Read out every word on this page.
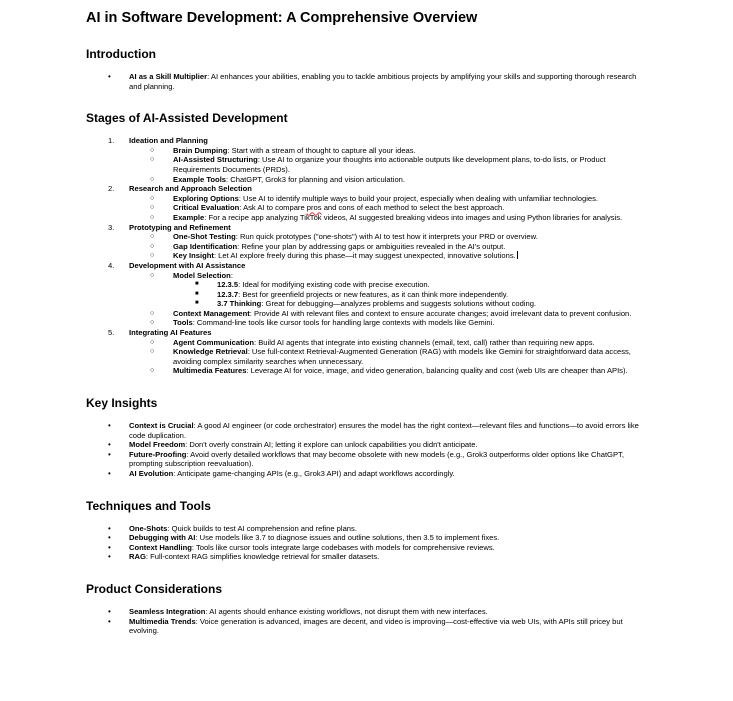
AI in Software Development: A Comprehensive Overview
Introduction
• AI as a Skill Multiplier: AI enhances your abilities, enabling you to tackle ambitious projects by amplifying your skills and supporting thorough research and planning.
Stages of AI-Assisted Development
1. Ideation and Planning
○ Brain Dumping: Start with a stream of thought to capture all your ideas.
○ AI-Assisted Structuring: Use AI to organize your thoughts into actionable outputs like development plans, to-do lists, or Product Requirements Documents (PRDs).
○ Example Tools: ChatGPT, Grok3 for planning and vision articulation.
2. Research and Approach Selection
○ Exploring Options: Use AI to identify multiple ways to build your project, especially when dealing with unfamiliar technologies.
○ Critical Evaluation: Ask AI to compare pros and cons of each method to select the best approach.
○ Example: For a recipe app analyzing TikTok videos, AI suggested breaking videos into images and using Python libraries for analysis.
3. Prototyping and Refinement
○ One-Shot Testing: Run quick prototypes ("one-shots") with AI to test how it interprets your PRD or overview.
○ Gap Identification: Refine your plan by addressing gaps or ambiguities revealed in the AI's output.
○ Key Insight: Let AI explore freely during this phase—it may suggest unexpected, innovative solutions.
4. Development with AI Assistance
○ Model Selection:
■ 12.3.5: Ideal for modifying existing code with precise execution.
■ 12.3.7: Best for greenfield projects or new features, as it can think more independently.
■ 3.7 Thinking: Great for debugging—analyzes problems and suggests solutions without coding.
○ Context Management: Provide AI with relevant files and context to ensure accurate changes; avoid irrelevant data to prevent confusion.
○ Tools: Command-line tools like cursor tools for handling large contexts with models like Gemini.
5. Integrating AI Features
○ Agent Communication: Build AI agents that integrate into existing channels (email, text, call) rather than requiring new apps.
○ Knowledge Retrieval: Use full-context Retrieval-Augmented Generation (RAG) with models like Gemini for straightforward data access, avoiding complex similarity searches when unnecessary.
○ Multimedia Features: Leverage AI for voice, image, and video generation, balancing quality and cost (web UIs are cheaper than APIs).
Key Insights
• Context is Crucial: A good AI engineer (or code orchestrator) ensures the model has the right context—relevant files and functions—to avoid errors like code duplication.
• Model Freedom: Don't overly constrain AI; letting it explore can unlock capabilities you didn't anticipate.
• Future-Proofing: Avoid overly detailed workflows that may become obsolete with new models (e.g., Grok3 outperforms older options like ChatGPT, prompting subscription reevaluation).
• AI Evolution: Anticipate game-changing APIs (e.g., Grok3 API) and adapt workflows accordingly.
Techniques and Tools
• One-Shots: Quick builds to test AI comprehension and refine plans.
• Debugging with AI: Use models like 3.7 to diagnose issues and outline solutions, then 3.5 to implement fixes.
• Context Handling: Tools like cursor tools integrate large codebases with models for comprehensive reviews.
• RAG: Full-context RAG simplifies knowledge retrieval for smaller datasets.
Product Considerations
• Seamless Integration: AI agents should enhance existing workflows, not disrupt them with new interfaces.
• Multimedia Trends: Voice generation is advanced, images are decent, and video is improving—cost-effective via web UIs, with APIs still pricey but evolving.
